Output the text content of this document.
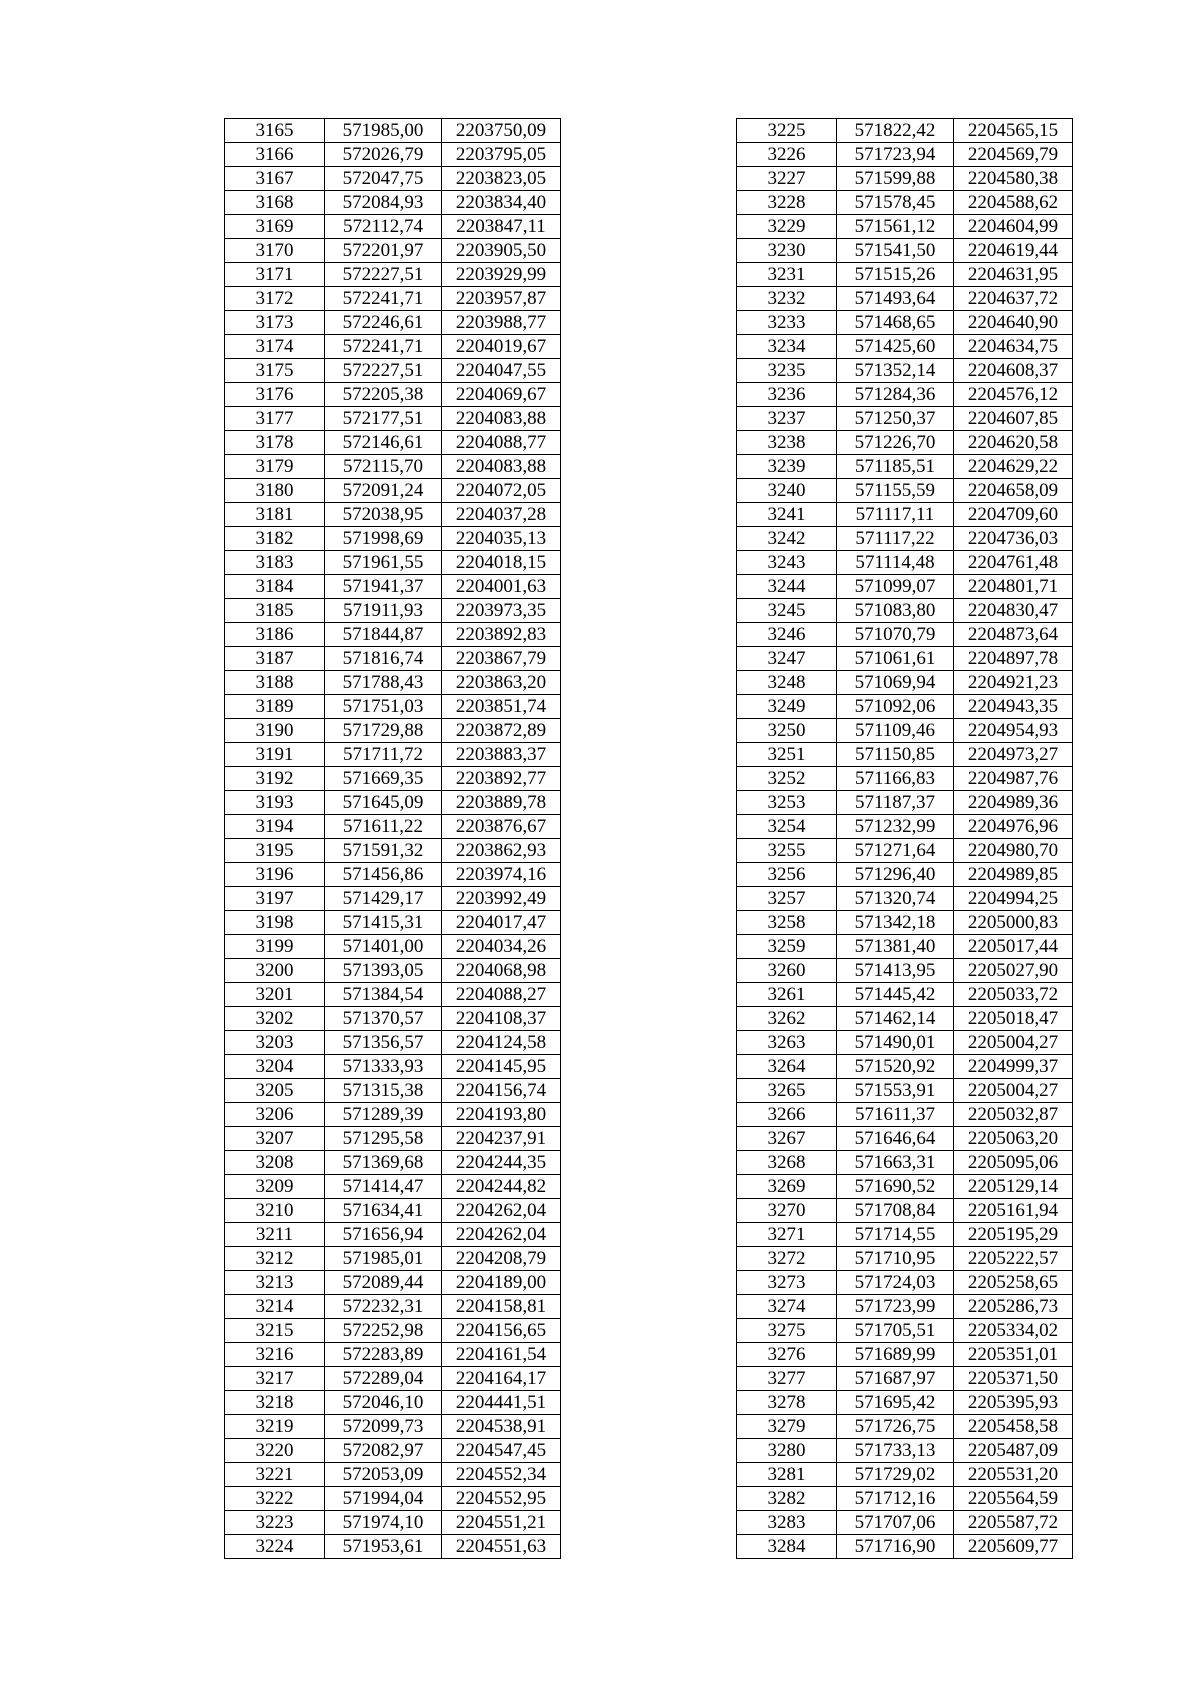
3165	571985,00	2203750,09
3166	572026,79	2203795,05
3167	572047,75	2203823,05
3168	572084,93	2203834,40
3169	572112,74	2203847,11
3170	572201,97	2203905,50
3171	572227,51	2203929,99
3172	572241,71	2203957,87
3173	572246,61	2203988,77
3174	572241,71	2204019,67
3175	572227,51	2204047,55
3176	572205,38	2204069,67
3177	572177,51	2204083,88
3178	572146,61	2204088,77
3179	572115,70	2204083,88
3180	572091,24	2204072,05
3181	572038,95	2204037,28
3182	571998,69	2204035,13
3183	571961,55	2204018,15
3184	571941,37	2204001,63
3185	571911,93	2203973,35
3186	571844,87	2203892,83
3187	571816,74	2203867,79
3188	571788,43	2203863,20
3189	571751,03	2203851,74
3190	571729,88	2203872,89
3191	571711,72	2203883,37
3192	571669,35	2203892,77
3193	571645,09	2203889,78
3194	571611,22	2203876,67
3195	571591,32	2203862,93
3196	571456,86	2203974,16
3197	571429,17	2203992,49
3198	571415,31	2204017,47
3199	571401,00	2204034,26
3200	571393,05	2204068,98
3201	571384,54	2204088,27
3202	571370,57	2204108,37
3203	571356,57	2204124,58
3204	571333,93	2204145,95
3205	571315,38	2204156,74
3206	571289,39	2204193,80
3207	571295,58	2204237,91
3208	571369,68	2204244,35
3209	571414,47	2204244,82
3210	571634,41	2204262,04
3211	571656,94	2204262,04
3212	571985,01	2204208,79
3213	572089,44	2204189,00
3214	572232,31	2204158,81
3215	572252,98	2204156,65
3216	572283,89	2204161,54
3217	572289,04	2204164,17
3218	572046,10	2204441,51
3219	572099,73	2204538,91
3220	572082,97	2204547,45
3221	572053,09	2204552,34
3222	571994,04	2204552,95
3223	571974,10	2204551,21
3224	571953,61	2204551,63
3225	571822,42	2204565,15
3226	571723,94	2204569,79
3227	571599,88	2204580,38
3228	571578,45	2204588,62
3229	571561,12	2204604,99
3230	571541,50	2204619,44
3231	571515,26	2204631,95
3232	571493,64	2204637,72
3233	571468,65	2204640,90
3234	571425,60	2204634,75
3235	571352,14	2204608,37
3236	571284,36	2204576,12
3237	571250,37	2204607,85
3238	571226,70	2204620,58
3239	571185,51	2204629,22
3240	571155,59	2204658,09
3241	571117,11	2204709,60
3242	571117,22	2204736,03
3243	571114,48	2204761,48
3244	571099,07	2204801,71
3245	571083,80	2204830,47
3246	571070,79	2204873,64
3247	571061,61	2204897,78
3248	571069,94	2204921,23
3249	571092,06	2204943,35
3250	571109,46	2204954,93
3251	571150,85	2204973,27
3252	571166,83	2204987,76
3253	571187,37	2204989,36
3254	571232,99	2204976,96
3255	571271,64	2204980,70
3256	571296,40	2204989,85
3257	571320,74	2204994,25
3258	571342,18	2205000,83
3259	571381,40	2205017,44
3260	571413,95	2205027,90
3261	571445,42	2205033,72
3262	571462,14	2205018,47
3263	571490,01	2205004,27
3264	571520,92	2204999,37
3265	571553,91	2205004,27
3266	571611,37	2205032,87
3267	571646,64	2205063,20
3268	571663,31	2205095,06
3269	571690,52	2205129,14
3270	571708,84	2205161,94
3271	571714,55	2205195,29
3272	571710,95	2205222,57
3273	571724,03	2205258,65
3274	571723,99	2205286,73
3275	571705,51	2205334,02
3276	571689,99	2205351,01
3277	571687,97	2205371,50
3278	571695,42	2205395,93
3279	571726,75	2205458,58
3280	571733,13	2205487,09
3281	571729,02	2205531,20
3282	571712,16	2205564,59
3283	571707,06	2205587,72
3284	571716,90	2205609,77
